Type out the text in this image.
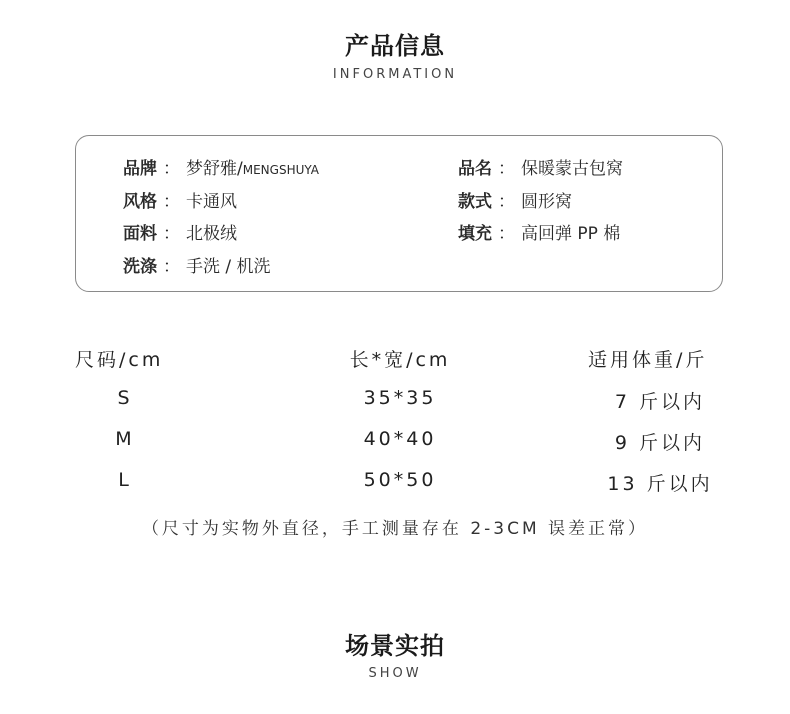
产品信息
INFORMATION
品牌 ： 梦舒雅/MENGSHUYA	品名 ： 保暖蒙古包窝
风格 ： 卡通风	款式 ： 圆形窝
面料 ： 北极绒	填充 ： 高回弹 PP 棉
洗涤 ： 手洗 / 机洗
尺码/cm	长*宽/cm	适用体重/斤
S	35*35	7 斤以内
M	40*40	9 斤以内
L	50*50	13 斤以内
（尺寸为实物外直径，手工测量存在 2-3CM 误差正常）
场景实拍
SHOW
